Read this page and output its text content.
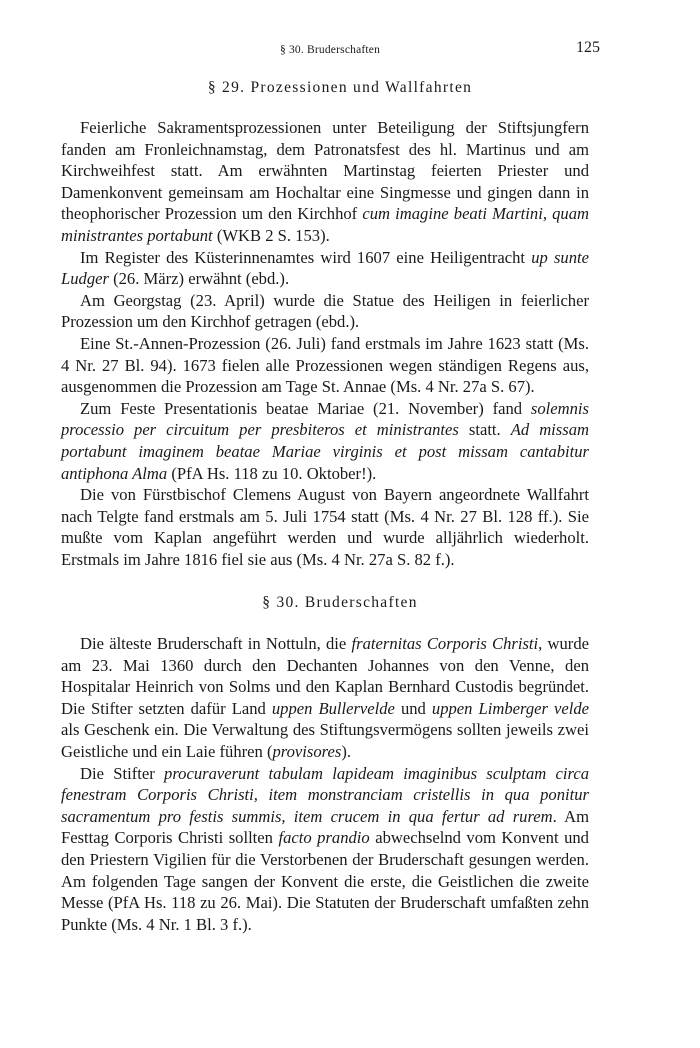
§ 30. Bruderschaften	125
§ 29. Prozessionen und Wallfahrten

Feierliche Sakramentsprozessionen unter Beteiligung der Stiftsjungfern fanden am Fronleichnamstag, dem Patronatsfest des hl. Martinus und am Kirchweihfest statt. Am erwähnten Martinstag feierten Priester und Damenkonvent gemeinsam am Hochaltar eine Singmesse und gingen dann in theophorischer Prozession um den Kirchhof cum imagine beati Martini, quam ministrantes portabunt (WKB 2 S. 153).

Im Register des Küsterinnenamtes wird 1607 eine Heiligentracht up sunte Ludger (26. März) erwähnt (ebd.).

Am Georgstag (23. April) wurde die Statue des Heiligen in feierlicher Prozession um den Kirchhof getragen (ebd.).

Eine St.-Annen-Prozession (26. Juli) fand erstmals im Jahre 1623 statt (Ms. 4 Nr. 27 Bl. 94). 1673 fielen alle Prozessionen wegen ständigen Regens aus, ausgenommen die Prozession am Tage St. Annae (Ms. 4 Nr. 27a S. 67).

Zum Feste Presentationis beatae Mariae (21. November) fand solemnis processio per circuitum per presbiteros et ministrantes statt. Ad missam portabunt imaginem beatae Mariae virginis et post missam cantabitur antiphona Alma (PfA Hs. 118 zu 10. Oktober!).

Die von Fürstbischof Clemens August von Bayern angeordnete Wallfahrt nach Telgte fand erstmals am 5. Juli 1754 statt (Ms. 4 Nr. 27 Bl. 128 ff.). Sie mußte vom Kaplan angeführt werden und wurde alljährlich wiederholt. Erstmals im Jahre 1816 fiel sie aus (Ms. 4 Nr. 27a S. 82 f.).

§ 30. Bruderschaften

Die älteste Bruderschaft in Nottuln, die fraternitas Corporis Christi, wurde am 23. Mai 1360 durch den Dechanten Johannes von den Venne, den Hospitalar Heinrich von Solms und den Kaplan Bernhard Custodis begründet. Die Stifter setzten dafür Land uppen Bullervelde und uppen Limberger velde als Geschenk ein. Die Verwaltung des Stiftungsvermögens sollten jeweils zwei Geistliche und ein Laie führen (provisores).

Die Stifter procuraverunt tabulam lapideam imaginibus sculptam circa fenestram Corporis Christi, item monstranciam cristellis in qua ponitur sacramentum pro festis summis, item crucem in qua fertur ad rurem. Am Festtag Corporis Christi sollten facto prandio abwechselnd vom Konvent und den Priestern Vigilien für die Verstorbenen der Bruderschaft gesungen werden. Am folgenden Tage sangen der Konvent die erste, die Geistlichen die zweite Messe (PfA Hs. 118 zu 26. Mai). Die Statuten der Bruderschaft umfaßten zehn Punkte (Ms. 4 Nr. 1 Bl. 3 f.).
